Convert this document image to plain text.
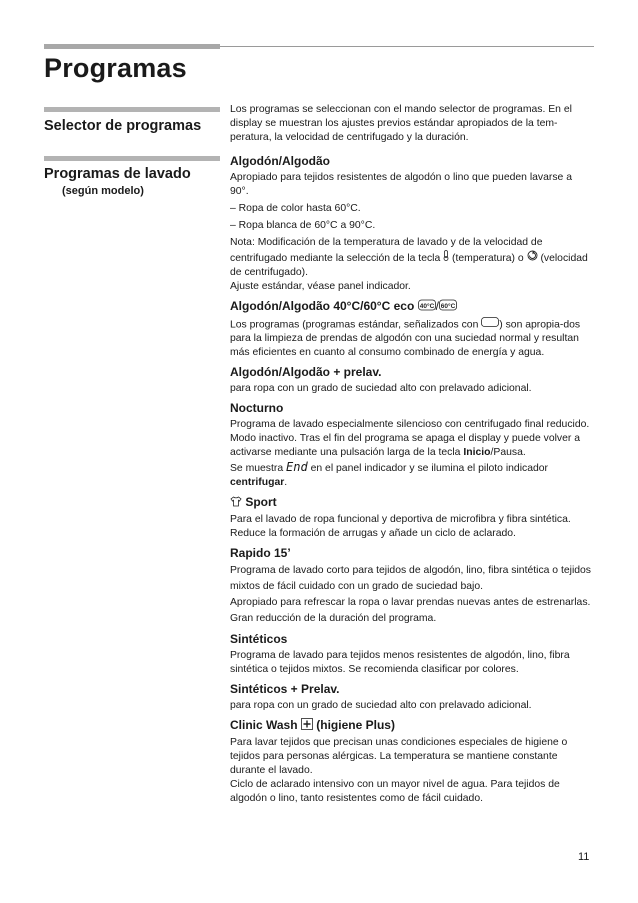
Programas
Selector de programas
Programas de lavado
(según modelo)

Los programas se seleccionan con el mando selector de programas. En el display se muestran los ajustes previos estándar apropiados de la tem-peratura, la velocidad de centrifugado y la duración.

Algodón/Algodão

Apropiado para tejidos resistentes de algodón o lino que pueden lavarse a 90°.

– Ropa de color hasta 60°C.

– Ropa blanca de 60°C a 90°C.

Nota: Modificación de la temperatura de lavado y de la velocidad de centrifugado mediante la selección de la tecla (temperatura) o (velocidad de centrifugado).

Ajuste estándar, véase panel indicador.

Algodón/Algodão 40°C/60°C eco 40°C / 60°C

Los programas (programas estándar, señalizados con ) son apropia-dos para la limpieza de prendas de algodón con una suciedad normal y resultan más eficientes en cuanto al consumo combinado de energía y agua.

Algodón/Algodão + prelav.

para ropa con un grado de suciedad alto con prelavado adicional.

Nocturno

Programa de lavado especialmente silencioso con centrifugado final reducido.

Modo inactivo. Tras el fin del programa se apaga el display y puede volver a activarse mediante una pulsación larga de la tecla Inicio/Pausa.

Se muestra End en el panel indicador y se ilumina el piloto indicador centrifugar.

Sport

Para el lavado de ropa funcional y deportiva de microfibra y fibra sintética. Reduce la formación de arrugas y añade un ciclo de aclarado.

Rapido 15’

Programa de lavado corto para tejidos de algodón, lino, fibra sintética o tejidos mixtos de fácil cuidado con un grado de suciedad bajo.

Apropiado para refrescar la ropa o lavar prendas nuevas antes de estrenarlas. Gran reducción de la duración del programa.

Sintéticos

Programa de lavado para tejidos menos resistentes de algodón, lino, fibra sintética o tejidos mixtos. Se recomienda clasificar por colores.

Sintéticos + Prelav.

para ropa con un grado de suciedad alto con prelavado adicional.

Clinic Wash (higiene Plus)

Para lavar tejidos que precisan unas condiciones especiales de higiene o tejidos para personas alérgicas. La temperatura se mantiene constante durante el lavado.

Ciclo de aclarado intensivo con un mayor nivel de agua. Para tejidos de algodón o lino, tanto resistentes como de fácil cuidado.

11
